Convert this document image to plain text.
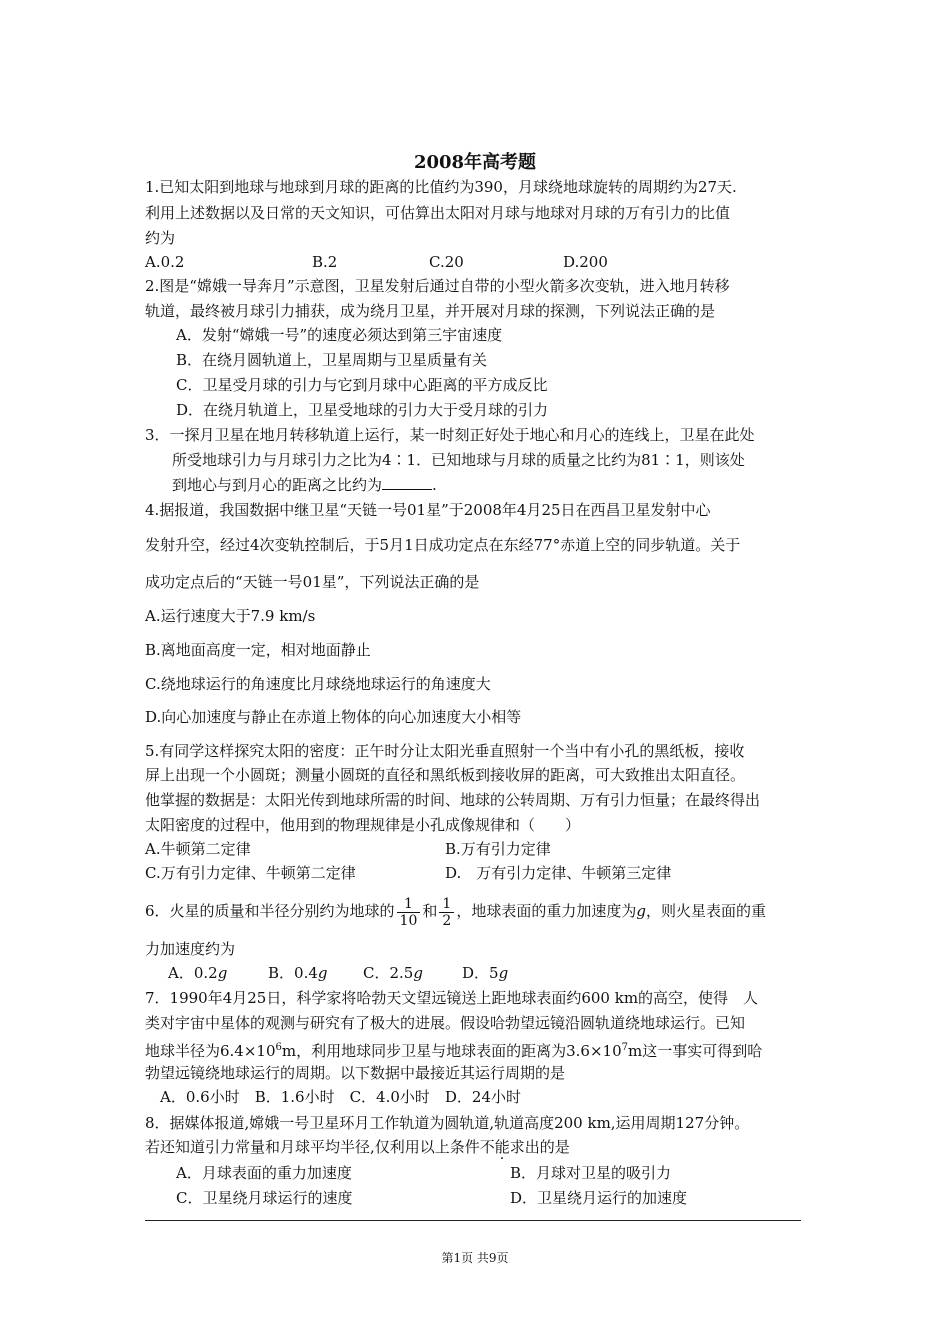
2008年高考题
1.已知太阳到地球与地球到月球的距离的比值约为390，月球绕地球旋转的周期约为27天.
利用上述数据以及日常的天文知识，可估算出太阳对月球与地球对月球的万有引力的比值
约为
A.0.2	B.2	C.20	D.200
2.图是“嫦娥一导奔月”示意图，卫星发射后通过自带的小型火箭多次变轨，进入地月转移
轨道，最终被月球引力捕获，成为绕月卫星，并开展对月球的探测，下列说法正确的是
A．发射“嫦娥一号”的速度必须达到第三宇宙速度
B．在绕月圆轨道上，卫星周期与卫星质量有关
C．卫星受月球的引力与它到月球中心距离的平方成反比
D．在绕月轨道上，卫星受地球的引力大于受月球的引力
3．一探月卫星在地月转移轨道上运行，某一时刻正好处于地心和月心的连线上，卫星在此处
所受地球引力与月球引力之比为4∶1．已知地球与月球的质量之比约为81∶1，则该处
到地心与到月心的距离之比约为	.
4.据报道，我国数据中继卫星“天链一号01星”于2008年4月25日在西昌卫星发射中心
发射升空，经过4次变轨控制后，于5月1日成功定点在东经77°赤道上空的同步轨道。关于
成功定点后的“天链一号01星”，下列说法正确的是
A.运行速度大于7.9 km/s
B.离地面高度一定，相对地面静止
C.绕地球运行的角速度比月球绕地球运行的角速度大
D.向心加速度与静止在赤道上物体的向心加速度大小相等
5.有同学这样探究太阳的密度：正午时分让太阳光垂直照射一个当中有小孔的黑纸板，接收
屏上出现一个小圆斑；测量小圆斑的直径和黑纸板到接收屏的距离，可大致推出太阳直径。
他掌握的数据是：太阳光传到地球所需的时间、地球的公转周期、万有引力恒量；在最终得出
太阳密度的过程中，他用到的物理规律是小孔成像规律和（　　）
A.牛顿第二定律	B.万有引力定律
C.万有引力定律、牛顿第二定律	D.　万有引力定律、牛顿第三定律
6．火星的质量和半径分别约为地球的 $\frac{1}{10}$ 和 $\frac{1}{2}$ ，地球表面的重力加速度为g，则火星表面的重
力加速度约为
A．0.2g	B．0.4g C．2.5g	D．5g
7．1990年4月25日，科学家将哈勃天文望远镜送上距地球表面约600 km的高空，使得　人
类对宇宙中星体的观测与研究有了极大的进展。假设哈勃望远镜沿圆轨道绕地球运行。已知
地球半径为$6.4\times 10^6m$，利用地球同步卫星与地球表面的距离为$3.6\times 10^7m$这一事实可得到哈
勃望远镜绕地球运行的周期。以下数据中最接近其运行周期的是
A．0.6小时　B．1.6小时　C．4.0小时　D．24小时
8．据媒体报道,嫦娥一号卫星环月工作轨道为圆轨道,轨道高度200 km,运用周期127分钟。
若还知道引力常量和月球平均半径,仅利用以上条件不能求出的是
A．月球表面的重力加速度	B．月球对卫星的吸引力
C．卫星绕月球运行的速度	D．卫星绕月运行的加速度
第1页 共9页
